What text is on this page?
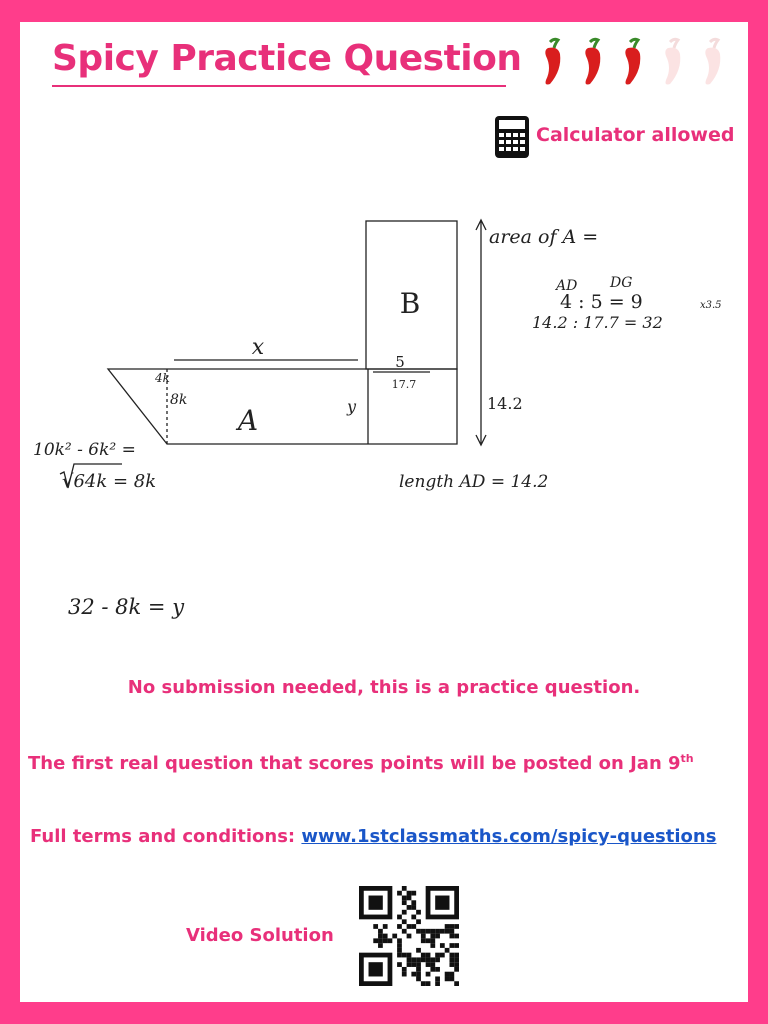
Spicy Practice Question
Calculator allowed
x
B
A
5
17.7
14.2
8k	y
4k
area of A =
AD DG
4 : 5 = 9	x3.5
14.2 : 17.7 = 32
10k² - 6k² =
√64k = 8k	length AD = 14.2
32 - 8k = y
No submission needed, this is a practice question.
The first real question that scores points will be posted on Jan 9th
Full terms and conditions: www.1stclassmaths.com/spicy-questions
Video Solution
